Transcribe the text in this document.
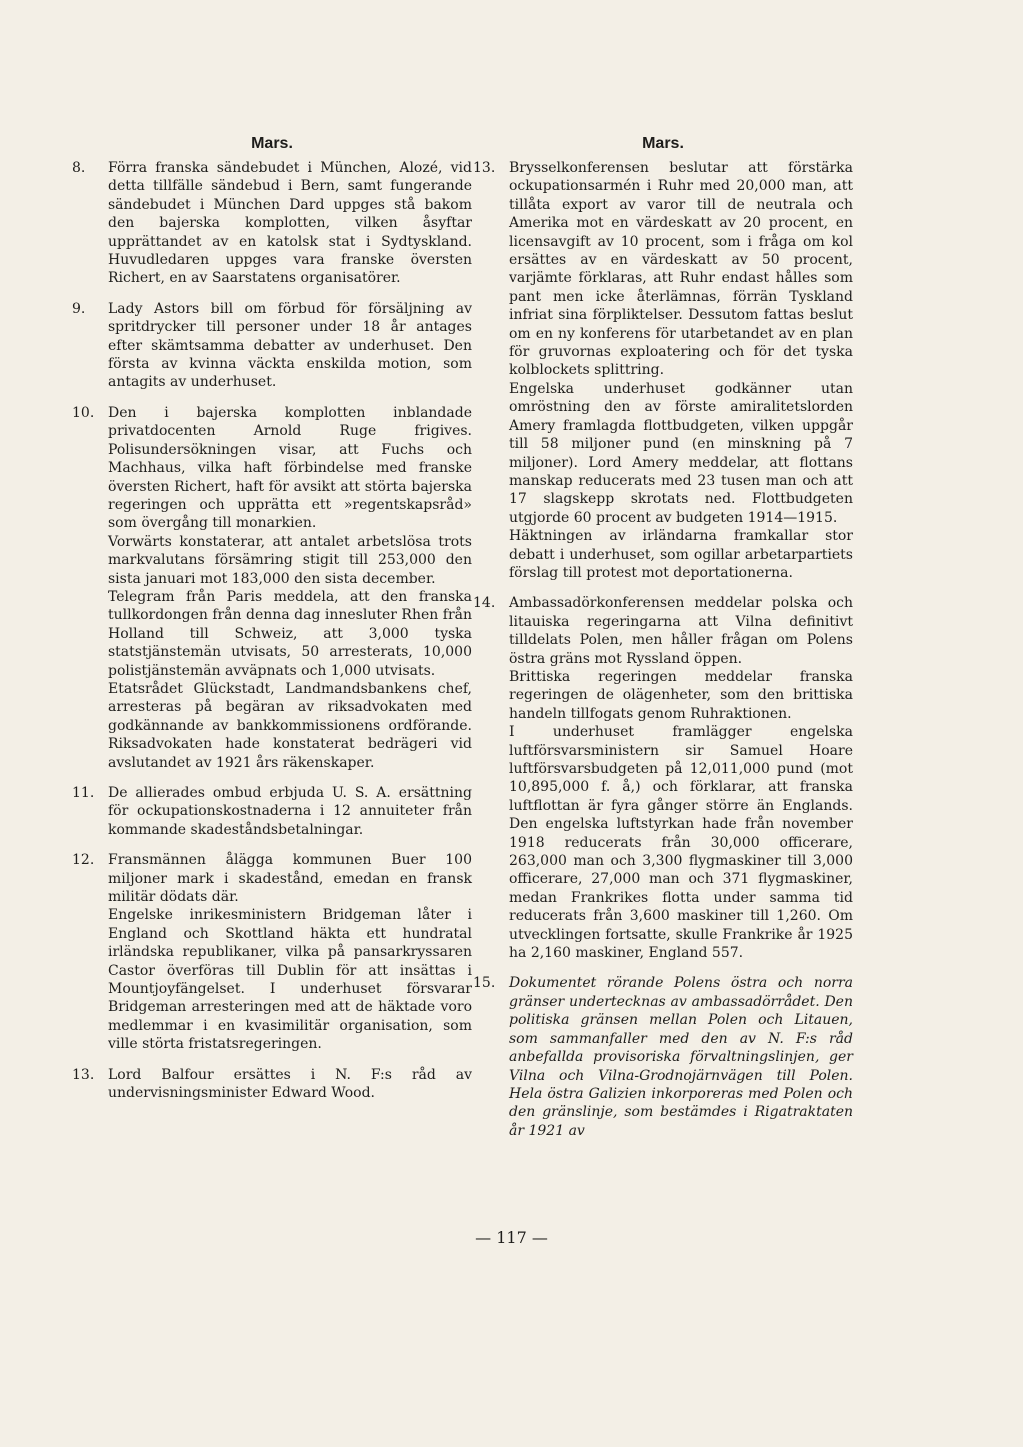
Mars.
8.	Förra franska sändebudet i München, Alozé, vid detta tillfälle sändebud i Bern, samt fungerande sändebudet i München Dard uppges stå bakom den bajerska komplotten, vilken åsyftar upprättandet av en katolsk stat i Sydtyskland. Huvudledaren uppges vara franske översten Richert, en av Saarstatens organisatörer.
9.	Lady Astors bill om förbud för försäljning av spritdrycker till personer under 18 år antages efter skämtsamma debatter av underhuset. Den första av kvinna väckta enskilda motion, som antagits av underhuset.
10. Den i bajerska komplotten inblandade privatdocenten Arnold Ruge frigives. Polisundersökningen visar, att Fuchs och Machhaus, vilka haft förbindelse med franske översten Richert, haft för avsikt att störta bajerska regeringen och upprätta ett »regentskapsråd» som övergång till monarkien.
Vorwärts konstaterar, att antalet arbetslösa trots markvalutans försämring stigit till 253,000 den sista januari mot 183,000 den sista december.
Telegram från Paris meddela, att den franska tullkordongen från denna dag innesluter Rhen från Holland till Schweiz, att 3,000 tyska statstjänstemän utvisats, 50 arresterats, 10,000 polistjänstemän avväpnats och 1,000 utvisats.
Etatsrådet Glückstadt, Landmandsbankens chef, arresteras på begäran av riksadvokaten med godkännande av bankkommissionens ordförande. Riksadvokaten hade konstaterat bedrägeri vid avslutandet av 1921 års räkenskaper.
11. De allierades ombud erbjuda U. S. A. ersättning för ockupationskostnaderna i 12 annuiteter från kommande skadeståndsbetalningar.
12. Fransmännen ålägga kommunen Buer 100 miljoner mark i skadestånd, emedan en fransk militär dödats där.
Engelske inrikesministern Bridgeman låter i England och Skottland häkta ett hundratal irländska republikaner, vilka på pansarkryssaren Castor överföras till Dublin för att insättas i Mountjoyfängelset. I underhuset försvarar Bridgeman arresteringen med att de häktade voro medlemmar i en kvasimilitär organisation, som ville störta fristatsregeringen.
13. Lord Balfour ersättes i N. F:s råd av undervisningsminister Edward Wood.
Mars.
13. Brysselkonferensen beslutar att förstärka ockupationsarmén i Ruhr med 20,000 man, att tillåta export av varor till de neutrala och Amerika mot en värdeskatt av 20 procent, en licensavgift av 10 procent, som i fråga om kol ersättes av en värdeskatt av 50 procent, varjämte förklaras, att Ruhr endast hålles som pant men icke återlämnas, förrän Tyskland infriat sina förpliktelser. Dessutom fattas beslut om en ny konferens för utarbetandet av en plan för gruvornas exploatering och för det tyska kolblockets splittring.
Engelska underhuset godkänner utan omröstning den av förste amiralitetslorden Amery framlagda flottbudgeten, vilken uppgår till 58 miljoner pund (en minskning på 7 miljoner). Lord Amery meddelar, att flottans manskap reducerats med 23 tusen man och att 17 slagskepp skrotats ned. Flottbudgeten utgjorde 60 procent av budgeten 1914—1915.
Häktningen av irländarna framkallar stor debatt i underhuset, som ogillar arbetarpartiets förslag till protest mot deportationerna.
14. Ambassadörkonferensen meddelar polska och litauiska regeringarna att Vilna definitivt tilldelats Polen, men håller frågan om Polens östra gräns mot Ryssland öppen.
Brittiska regeringen meddelar franska regeringen de olägenheter, som den brittiska handeln tillfogats genom Ruhraktionen.
I underhuset framlägger engelska luftförsvarsministern sir Samuel Hoare luftförsvarsbudgeten på 12,011,000 pund (mot 10,895,000 f. å,) och förklarar, att franska luftflottan är fyra gånger större än Englands. Den engelska luftstyrkan hade från november 1918 reducerats från 30,000 officerare, 263,000 man och 3,300 flygmaskiner till 3,000 officerare, 27,000 man och 371 flygmaskiner, medan Frankrikes flotta under samma tid reducerats från 3,600 maskiner till 1,260. Om utvecklingen fortsatte, skulle Frankrike år 1925 ha 2,160 maskiner, England 557.
15. Dokumentet rörande Polens östra och norra gränser undertecknas av ambassadörrådet. Den politiska gränsen mellan Polen och Litauen, som sammanfaller med den av N. F:s råd anbefallda provisoriska förvaltningslinjen, ger Vilna och Vilna-Grodnojärnvägen till Polen. Hela östra Galizien inkorporeras med Polen och den gränslinje, som bestämdes i Rigatraktaten år 1921 av
— 117 —
